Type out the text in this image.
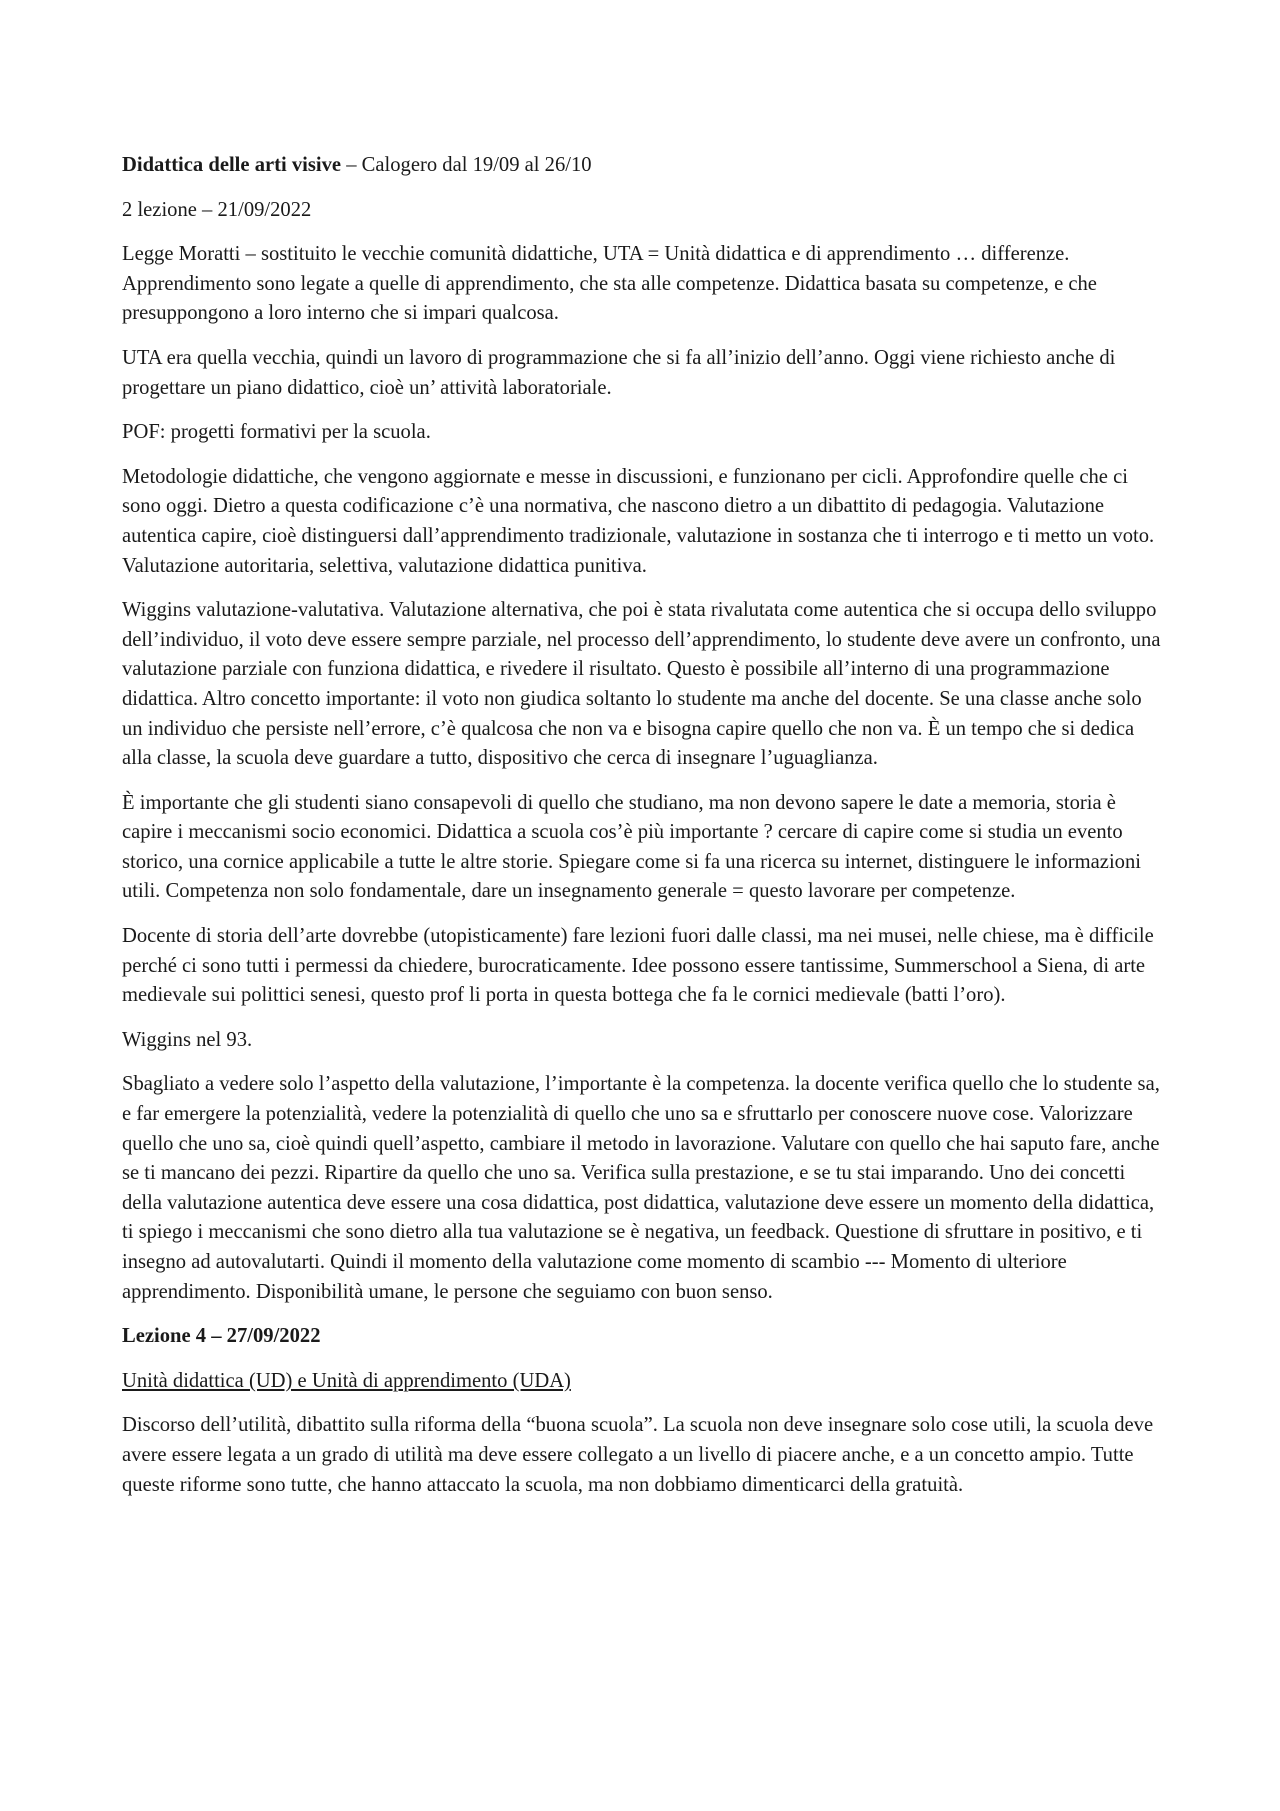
Didattica delle arti visive – Calogero dal 19/09 al 26/10

2 lezione – 21/09/2022

Legge Moratti – sostituito le vecchie comunità didattiche, UTA = Unità didattica e di apprendimento … differenze. Apprendimento sono legate a quelle di apprendimento, che sta alle competenze. Didattica basata su competenze, e che presuppongono a loro interno che si impari qualcosa.

UTA era quella vecchia, quindi un lavoro di programmazione che si fa all’inizio dell’anno. Oggi viene richiesto anche di progettare un piano didattico, cioè un’ attività laboratoriale.

POF: progetti formativi per la scuola.

Metodologie didattiche, che vengono aggiornate e messe in discussioni, e funzionano per cicli. Approfondire quelle che ci sono oggi. Dietro a questa codificazione c’è una normativa, che nascono dietro a un dibattito di pedagogia. Valutazione autentica capire, cioè distinguersi dall’apprendimento tradizionale, valutazione in sostanza che ti interrogo e ti metto un voto. Valutazione autoritaria, selettiva, valutazione didattica punitiva.

Wiggins valutazione-valutativa. Valutazione alternativa, che poi è stata rivalutata come autentica che si occupa dello sviluppo dell’individuo, il voto deve essere sempre parziale, nel processo dell’apprendimento, lo studente deve avere un confronto, una valutazione parziale con funziona didattica, e rivedere il risultato. Questo è possibile all’interno di una programmazione didattica. Altro concetto importante: il voto non giudica soltanto lo studente ma anche del docente. Se una classe anche solo un individuo che persiste nell’errore, c’è qualcosa che non va e bisogna capire quello che non va. È un tempo che si dedica alla classe, la scuola deve guardare a tutto, dispositivo che cerca di insegnare l’uguaglianza.

È importante che gli studenti siano consapevoli di quello che studiano, ma non devono sapere le date a memoria, storia è capire i meccanismi socio economici. Didattica a scuola cos’è più importante ? cercare di capire come si studia un evento storico, una cornice applicabile a tutte le altre storie. Spiegare come si fa una ricerca su internet, distinguere le informazioni utili. Competenza non solo fondamentale, dare un insegnamento generale = questo lavorare per competenze.

Docente di storia dell’arte dovrebbe (utopisticamente) fare lezioni fuori dalle classi, ma nei musei, nelle chiese, ma è difficile perché ci sono tutti i permessi da chiedere, burocraticamente. Idee possono essere tantissime, Summerschool a Siena, di arte medievale sui polittici senesi, questo prof li porta in questa bottega che fa le cornici medievale (batti l’oro).

Wiggins nel 93.

Sbagliato a vedere solo l’aspetto della valutazione, l’importante è la competenza. la docente verifica quello che lo studente sa, e far emergere la potenzialità, vedere la potenzialità di quello che uno sa e sfruttarlo per conoscere nuove cose. Valorizzare quello che uno sa, cioè quindi quell’aspetto, cambiare il metodo in lavorazione. Valutare con quello che hai saputo fare, anche se ti mancano dei pezzi. Ripartire da quello che uno sa. Verifica sulla prestazione, e se tu stai imparando. Uno dei concetti della valutazione autentica deve essere una cosa didattica, post didattica, valutazione deve essere un momento della didattica, ti spiego i meccanismi che sono dietro alla tua valutazione se è negativa, un feedback. Questione di sfruttare in positivo, e ti insegno ad autovalutarti. Quindi il momento della valutazione come momento di scambio --- Momento di ulteriore apprendimento. Disponibilità umane, le persone che seguiamo con buon senso.

Lezione 4 – 27/09/2022

Unità didattica (UD) e Unità di apprendimento (UDA)

Discorso dell’utilità, dibattito sulla riforma della “buona scuola”. La scuola non deve insegnare solo cose utili, la scuola deve avere essere legata a un grado di utilità ma deve essere collegato a un livello di piacere anche, e a un concetto ampio. Tutte queste riforme sono tutte, che hanno attaccato la scuola, ma non dobbiamo dimenticarci della gratuità.
